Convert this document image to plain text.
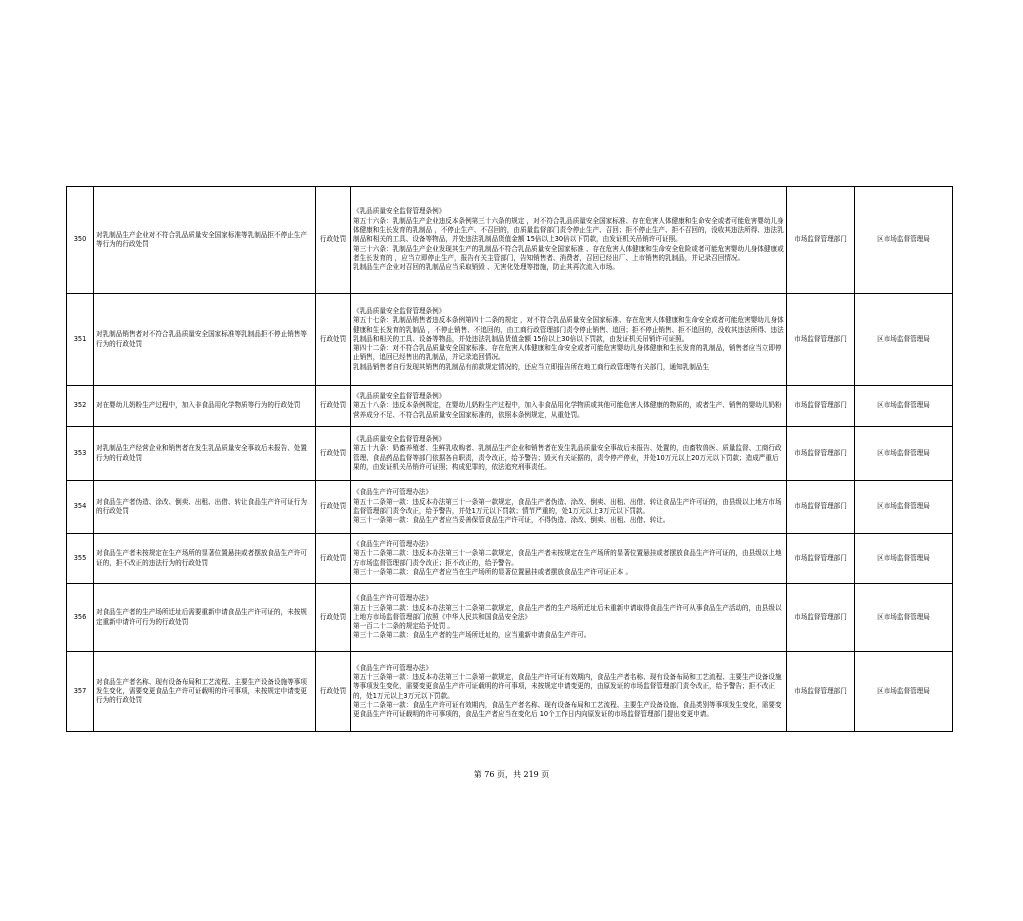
350	对乳制品生产企业对不符合乳品质量安全国家标准等乳制品拒不停止生产等行为的行政处罚	行政处罚	《乳品质量安全监督管理条例》
第五十六条：乳制品生产企业违反本条例第三十六条的规定 ，对不符合乳品质量安全国家标准、存在危害人体健康和生命安全或者可能危害婴幼儿身体健康和生长发育的乳制品 ，不停止生产、不召回的，由质量监督部门责令停止生产、召回；拒不停止生产、拒不召回的，没收其违法所得、违法乳制品和相关的工具、设备等物品，并处违法乳制品货值金额 15倍以上30倍以下罚款，由发证机关吊销许可证照。
第三十六条：乳制品生产企业发现其生产的乳制品不符合乳品质量安全国家标准 、存在危害人体健康和生命安全危险或者可能危害婴幼儿身体健康或者生长发育的 ，应当立即停止生产，报告有关主管部门，告知销售者、消费者，召回已经出厂、上市销售的乳制品，并记录召回情况。
乳制品生产企业对召回的乳制品应当采取销毁 、无害化处理等措施，防止其再次流入市场。	市场监督管理部门	区市场监督管理局
351	对乳制品销售者对不符合乳品质量安全国家标准等乳制品拒不停止销售等行为的行政处罚	行政处罚	《乳品质量安全监督管理条例》
第五十七条：乳制品销售者违反本条例第四十二条的规定 ，对不符合乳品质量安全国家标准、存在危害人体健康和生命安全或者可能危害婴幼儿身体健康和生长发育的乳制品 ，不停止销售、不追回的，由工商行政管理部门责令停止销售、追回；拒不停止销售、拒不追回的，没收其违法所得、违法乳制品和相关的工具、设备等物品，并处违法乳制品货值金额 15倍以上30倍以下罚款，由发证机关吊销许可证照。
第四十二条：对不符合乳品质量安全国家标准、存在危害人体健康和生命安全或者可能危害婴幼儿身体健康和生长发育的乳制品，销售者应当立即停止销售，追回已经售出的乳制品，并记录追回情况。
乳制品销售者自行发现其销售的乳制品有前款规定情况的，还应当立即报告所在地工商行政管理等有关部门，通知乳制品生	市场监督管理部门	区市场监督管理局
352	对在婴幼儿奶粉生产过程中，加入非食品用化学物质等行为的行政处罚	行政处罚	《乳品质量安全监督管理条例》
第五十八条：违反本条例规定，在婴幼儿奶粉生产过程中，加入非食品用化学物质或其他可能危害人体健康的物质的，或者生产、销售的婴幼儿奶粉营养成分不足、不符合乳品质量安全国家标准的，依照本条例规定，从重处罚。	市场监督管理部门	区市场监督管理局
353	对乳制品生产经营企业和销售者在发生乳品质量安全事故后未报告、处置行为的行政处罚	行政处罚	《乳品质量安全监督管理条例》
第五十九条：奶畜养殖者、生鲜乳收购者、乳制品生产企业和销售者在发生乳品质量安全事故后未报告、处置的，由畜牧兽医、质量监督、工商行政管理、食品药品监督等部门依据各自职责，责令改正，给予警告；毁灭有关证据的，责令停产停业，并处10万元以上20万元以下罚款；造成严重后果的，由发证机关吊销许可证照；构成犯罪的，依法追究刑事责任。	市场监督管理部门	区市场监督管理局
354	对食品生产者伪造、涂改、倒卖、出租、出借、转让食品生产许可证行为的行政处罚	行政处罚	《食品生产许可管理办法》
第五十二条第一款：违反本办法第三十一条第一款规定，食品生产者伪造、涂改、倒卖、出租、出借、转让食品生产许可证的，由县级以上地方市场监督管理部门责令改正，给予警告，并处1万元以下罚款；情节严重的，处1万元以上3万元以下罚款。
第三十一条第一款：食品生产者应当妥善保管食品生产许可证，不得伪造、涂改、倒卖、出租、出借、转让。	市场监督管理部门	区市场监督管理局
355	对食品生产者未按规定在生产场所的显著位置悬挂或者摆放食品生产许可证的，拒不改正的违法行为的行政处罚	行政处罚	《食品生产许可管理办法》
第五十二条第二款：违反本办法第三十一条第二款规定，食品生产者未按规定在生产场所的显著位置悬挂或者摆放食品生产许可证的，由县级以上地方市场监督管理部门责令改正；拒不改正的，给予警告。
第三十一条第二款：食品生产者应当在生产场所的显著位置悬挂或者摆放食品生产许可证正本 。	市场监督管理部门	区市场监督管理局
356	对食品生产者的生产场所迁址后需要重新申请食品生产许可证的，未按规定重新申请许可行为的行政处罚	行政处罚	《食品生产许可管理办法》
第五十三条第二款：违反本办法第三十二条第二款规定，食品生产者的生产场所迁址后未重新申请取得食品生产许可从事食品生产活动的，由县级以上地方市场监督管理部门依照《中华人民共和国食品安全法》
第一百二十二条的规定给予处罚 。
第三十二条第二款：食品生产者的生产场所迁址的，应当重新申请食品生产许可。	市场监督管理部门	区市场监督管理局
357	对食品生产者名称、现有设备布局和工艺流程、主要生产设备设施等事项发生变化，需要变更食品生产许可证载明的许可事项，未按规定申请变更行为的行政处罚	行政处罚	《食品生产许可管理办法》
第五十三条第一款：违反本办法第三十二条第一款规定，食品生产许可证有效期内，食品生产者名称、现有设备布局和工艺流程、主要生产设备设施等事项发生变化，需要变更食品生产许可证载明的许可事项，未按规定申请变更的，由原发证的市场监督管理部门责令改正，给予警告；拒不改正的，处1万元以上3万元以下罚款。
第三十二条第一款：食品生产许可证有效期内，食品生产者名称、现有设备布局和工艺流程、主要生产设备设施、食品类别等事项发生变化，需要变更食品生产许可证载明的许可事项的，食品生产者应当在变化后 10个工作日内向原发证的市场监督管理部门提出变更申请。	市场监督管理部门	区市场监督管理局
第 76 页，共 219 页
